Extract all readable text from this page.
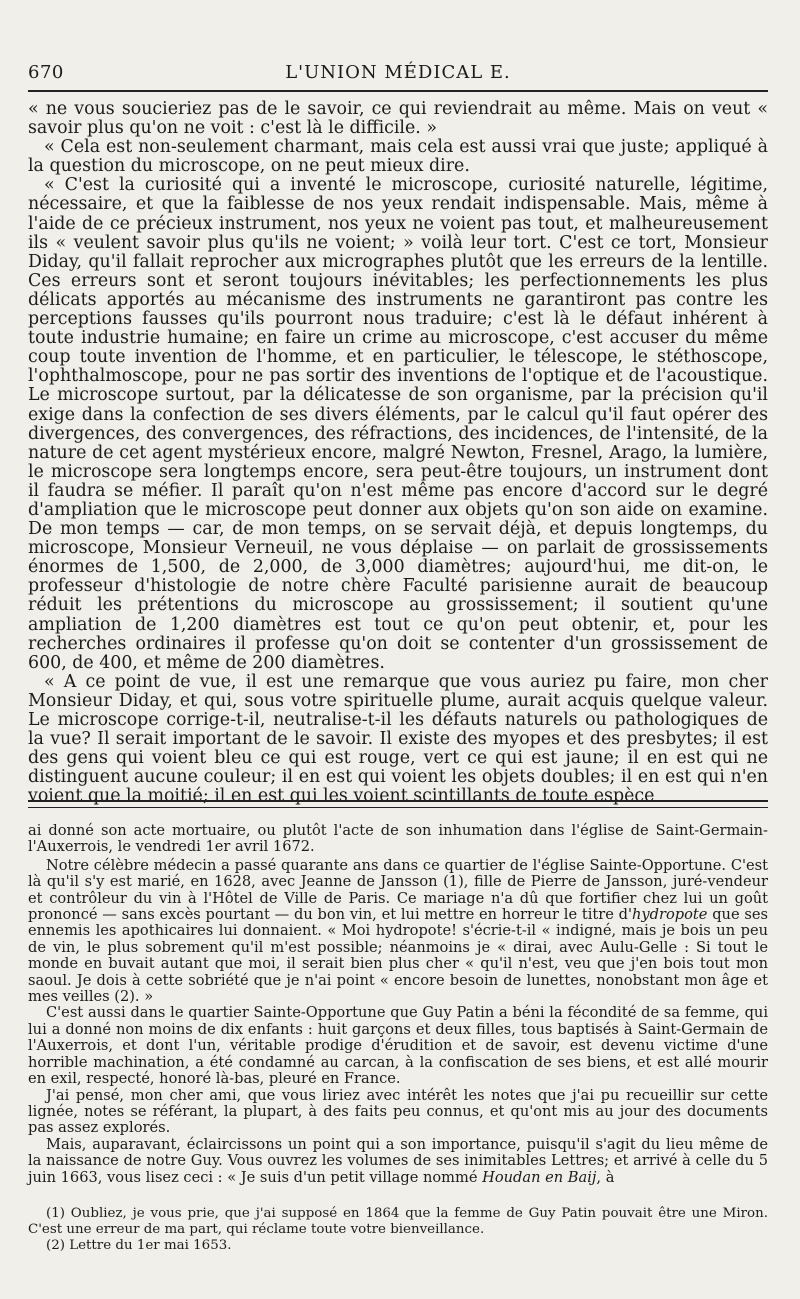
670	L'UNION MÉDICAL E.

« ne vous soucieriez pas de le savoir, ce qui reviendrait au même. Mais on veut « savoir plus qu'on ne voit : c'est là le difficile. »

« Cela est non-seulement charmant, mais cela est aussi vrai que juste; appliqué à la question du microscope, on ne peut mieux dire.

« C'est la curiosité qui a inventé le microscope, curiosité naturelle, légitime, nécessaire, et que la faiblesse de nos yeux rendait indispensable. Mais, même à l'aide de ce précieux instrument, nos yeux ne voient pas tout, et malheureusement ils « veulent savoir plus qu'ils ne voient; » voilà leur tort. C'est ce tort, Monsieur Diday, qu'il fallait reprocher aux micrographes plutôt que les erreurs de la lentille. Ces erreurs sont et seront toujours inévitables; les perfectionnements les plus délicats apportés au mécanisme des instruments ne garantiront pas contre les perceptions fausses qu'ils pourront nous traduire; c'est là le défaut inhérent à toute industrie humaine; en faire un crime au microscope, c'est accuser du même coup toute invention de l'homme, et en particulier, le télescope, le stéthoscope, l'ophthalmoscope, pour ne pas sortir des inventions de l'optique et de l'acoustique. Le microscope surtout, par la délicatesse de son organisme, par la précision qu'il exige dans la confection de ses divers éléments, par le calcul qu'il faut opérer des divergences, des convergences, des réfractions, des incidences, de l'intensité, de la nature de cet agent mystérieux encore, malgré Newton, Fresnel, Arago, la lumière, le microscope sera longtemps encore, sera peut-être toujours, un instrument dont il faudra se méfier. Il paraît qu'on n'est même pas encore d'accord sur le degré d'ampliation que le microscope peut donner aux objets qu'on son aide on examine. De mon temps — car, de mon temps, on se servait déjà, et depuis longtemps, du microscope, Monsieur Verneuil, ne vous déplaise — on parlait de grossissements énormes de 1,500, de 2,000, de 3,000 diamètres; aujourd'hui, me dit-on, le professeur d'histologie de notre chère Faculté parisienne aurait de beaucoup réduit les prétentions du microscope au grossissement; il soutient qu'une ampliation de 1,200 diamètres est tout ce qu'on peut obtenir, et, pour les recherches ordinaires il professe qu'on doit se contenter d'un grossissement de 600, de 400, et même de 200 diamètres.

« A ce point de vue, il est une remarque que vous auriez pu faire, mon cher Monsieur Diday, et qui, sous votre spirituelle plume, aurait acquis quelque valeur. Le microscope corrige-t-il, neutralise-t-il les défauts naturels ou pathologiques de la vue? Il serait important de le savoir. Il existe des myopes et des presbytes; il est des gens qui voient bleu ce qui est rouge, vert ce qui est jaune; il en est qui ne distinguent aucune couleur; il en est qui voient les objets doubles; il en est qui n'en voient que la moitié; il en est qui les voient scintillants de toute espèce

ai donné son acte mortuaire, ou plutôt l'acte de son inhumation dans l'église de Saint-Germain-l'Auxerrois, le vendredi 1er avril 1672.

Notre célèbre médecin a passé quarante ans dans ce quartier de l'église Sainte-Opportune. C'est là qu'il s'y est marié, en 1628, avec Jeanne de Jansson (1), fille de Pierre de Jansson, juré-vendeur et contrôleur du vin à l'Hôtel de Ville de Paris. Ce mariage n'a dû que fortifier chez lui un goût prononcé — sans excès pourtant — du bon vin, et lui mettre en horreur le titre d'hydropote que ses ennemis les apothicaires lui donnaient. « Moi hydropote! s'écrie-t-il « indigné, mais je bois un peu de vin, le plus sobrement qu'il m'est possible; néanmoins je « dirai, avec Aulu-Gelle : Si tout le monde en buvait autant que moi, il serait bien plus cher « qu'il n'est, veu que j'en bois tout mon saoul. Je dois à cette sobriété que je n'ai point « encore besoin de lunettes, nonobstant mon âge et mes veilles (2). »

C'est aussi dans le quartier Sainte-Opportune que Guy Patin a béni la fécondité de sa femme, qui lui a donné non moins de dix enfants : huit garçons et deux filles, tous baptisés à Saint-Germain de l'Auxerrois, et dont l'un, véritable prodige d'érudition et de savoir, est devenu victime d'une horrible machination, a été condamné au carcan, à la confiscation de ses biens, et est allé mourir en exil, respecté, honoré là-bas, pleuré en France.

J'ai pensé, mon cher ami, que vous liriez avec intérêt les notes que j'ai pu recueillir sur cette lignée, notes se référant, la plupart, à des faits peu connus, et qu'ont mis au jour des documents pas assez explorés.

Mais, auparavant, éclaircissons un point qui a son importance, puisqu'il s'agit du lieu même de la naissance de notre Guy. Vous ouvrez les volumes de ses inimitables Lettres; et arrivé à celle du 5 juin 1663, vous lisez ceci : « Je suis d'un petit village nommé Houdan en Baij, à

(1) Oubliez, je vous prie, que j'ai supposé en 1864 que la femme de Guy Patin pouvait être une Miron. C'est une erreur de ma part, qui réclame toute votre bienveillance.

(2) Lettre du 1er mai 1653.
